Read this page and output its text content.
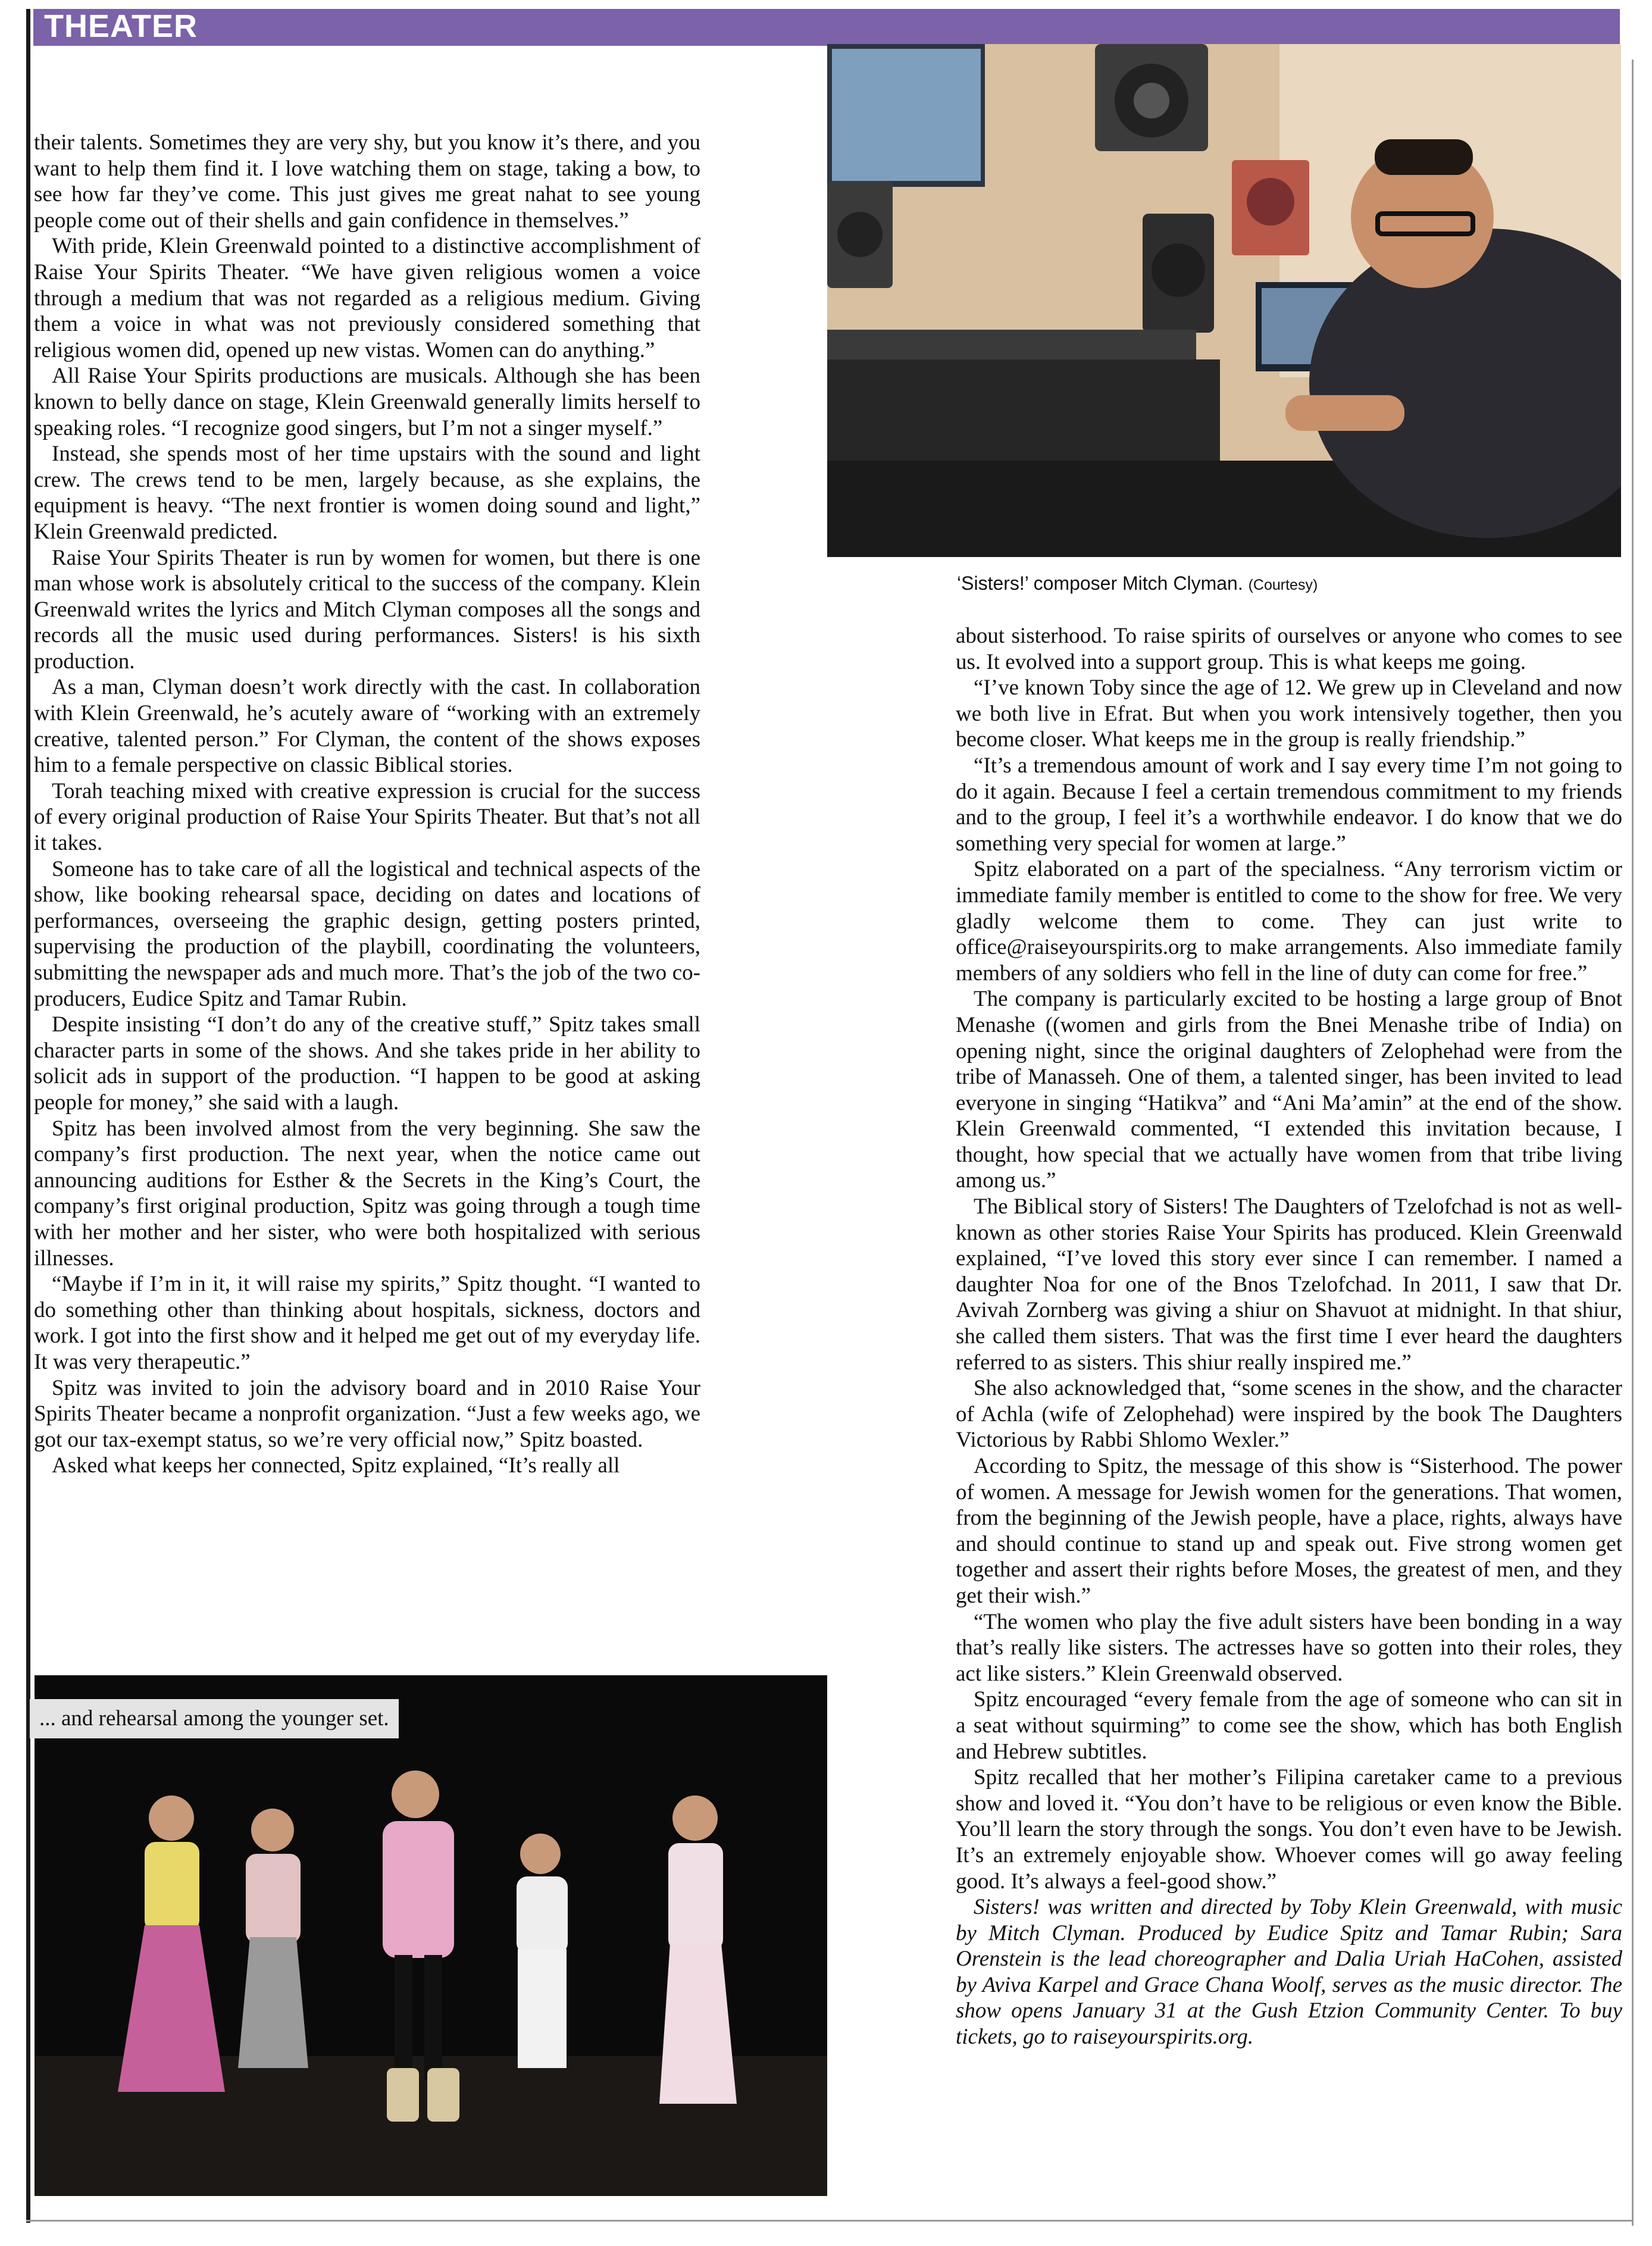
THEATER
‘Sisters!’ composer Mitch Clyman. (Courtesy)
... and rehearsal among the younger set.

their talents. Sometimes they are very shy, but you know it’s there, and you want to help them find it. I love watching them on stage, taking a bow, to see how far they’ve come. This just gives me great nahat to see young people come out of their shells and gain confidence in themselves.”

With pride, Klein Greenwald pointed to a distinctive accomplishment of Raise Your Spirits Theater. “We have given religious women a voice through a medium that was not regarded as a religious medium. Giving them a voice in what was not previously considered something that religious women did, opened up new vistas. Women can do anything.”

All Raise Your Spirits productions are musicals. Although she has been known to belly dance on stage, Klein Greenwald generally limits herself to speaking roles. “I recognize good singers, but I’m not a singer myself.”

Instead, she spends most of her time upstairs with the sound and light crew. The crews tend to be men, largely because, as she explains, the equipment is heavy. “The next frontier is women doing sound and light,” Klein Greenwald predicted.

Raise Your Spirits Theater is run by women for women, but there is one man whose work is absolutely critical to the success of the company. Klein Greenwald writes the lyrics and Mitch Clyman composes all the songs and records all the music used during performances. Sisters! is his sixth production.

As a man, Clyman doesn’t work directly with the cast. In collaboration with Klein Greenwald, he’s acutely aware of “working with an extremely creative, talented person.” For Clyman, the content of the shows exposes him to a female perspective on classic Biblical stories.

Torah teaching mixed with creative expression is crucial for the success of every original production of Raise Your Spirits Theater. But that’s not all it takes.

Someone has to take care of all the logistical and technical aspects of the show, like booking rehearsal space, deciding on dates and locations of performances, overseeing the graphic design, getting posters printed, supervising the production of the playbill, coordinating the volunteers, submitting the newspaper ads and much more. That’s the job of the two co-producers, Eudice Spitz and Tamar Rubin.

Despite insisting “I don’t do any of the creative stuff,” Spitz takes small character parts in some of the shows. And she takes pride in her ability to solicit ads in support of the production. “I happen to be good at asking people for money,” she said with a laugh.

Spitz has been involved almost from the very beginning. She saw the company’s first production. The next year, when the notice came out announcing auditions for Esther & the Secrets in the King’s Court, the company’s first original production, Spitz was going through a tough time with her mother and her sister, who were both hospitalized with serious illnesses.

“Maybe if I’m in it, it will raise my spirits,” Spitz thought. “I wanted to do something other than thinking about hospitals, sickness, doctors and work. I got into the first show and it helped me get out of my everyday life. It was very therapeutic.”

Spitz was invited to join the advisory board and in 2010 Raise Your Spirits Theater became a nonprofit organization. “Just a few weeks ago, we got our tax-exempt status, so we’re very official now,” Spitz boasted.

Asked what keeps her connected, Spitz explained, “It’s really all

about sisterhood. To raise spirits of ourselves or anyone who comes to see us. It evolved into a support group. This is what keeps me going.

“I’ve known Toby since the age of 12. We grew up in Cleveland and now we both live in Efrat. But when you work intensively together, then you become closer. What keeps me in the group is really friendship.”

“It’s a tremendous amount of work and I say every time I’m not going to do it again. Because I feel a certain tremendous commitment to my friends and to the group, I feel it’s a worthwhile endeavor. I do know that we do something very special for women at large.”

Spitz elaborated on a part of the specialness. “Any terrorism victim or immediate family member is entitled to come to the show for free. We very gladly welcome them to come. They can just write to office@raiseyourspirits.org to make arrangements. Also immediate family members of any soldiers who fell in the line of duty can come for free.”

The company is particularly excited to be hosting a large group of Bnot Menashe ((women and girls from the Bnei Menashe tribe of India) on opening night, since the original daughters of Zelophehad were from the tribe of Manasseh. One of them, a talented singer, has been invited to lead everyone in singing “Hatikva” and “Ani Ma’amin” at the end of the show. Klein Greenwald commented, “I extended this invitation because, I thought, how special that we actually have women from that tribe living among us.”

The Biblical story of Sisters! The Daughters of Tzelofchad is not as well-known as other stories Raise Your Spirits has produced. Klein Greenwald explained, “I’ve loved this story ever since I can remember. I named a daughter Noa for one of the Bnos Tzelofchad. In 2011, I saw that Dr. Avivah Zornberg was giving a shiur on Shavuot at midnight. In that shiur, she called them sisters. That was the first time I ever heard the daughters referred to as sisters. This shiur really inspired me.”

She also acknowledged that, “some scenes in the show, and the character of Achla (wife of Zelophehad) were inspired by the book The Daughters Victorious by Rabbi Shlomo Wexler.”

According to Spitz, the message of this show is “Sisterhood. The power of women. A message for Jewish women for the generations. That women, from the beginning of the Jewish people, have a place, rights, always have and should continue to stand up and speak out. Five strong women get together and assert their rights before Moses, the greatest of men, and they get their wish.”

“The women who play the five adult sisters have been bonding in a way that’s really like sisters. The actresses have so gotten into their roles, they act like sisters.” Klein Greenwald observed.

Spitz encouraged “every female from the age of someone who can sit in a seat without squirming” to come see the show, which has both English and Hebrew subtitles.

Spitz recalled that her mother’s Filipina caretaker came to a previous show and loved it. “You don’t have to be religious or even know the Bible. You’ll learn the story through the songs. You don’t even have to be Jewish. It’s an extremely enjoyable show. Whoever comes will go away feeling good. It’s always a feel-good show.”

Sisters! was written and directed by Toby Klein Greenwald, with music by Mitch Clyman. Produced by Eudice Spitz and Tamar Rubin; Sara Orenstein is the lead choreographer and Dalia Uriah HaCohen, assisted by Aviva Karpel and Grace Chana Woolf, serves as the music director. The show opens January 31 at the Gush Etzion Community Center. To buy tickets, go to raiseyourspirits.org.
